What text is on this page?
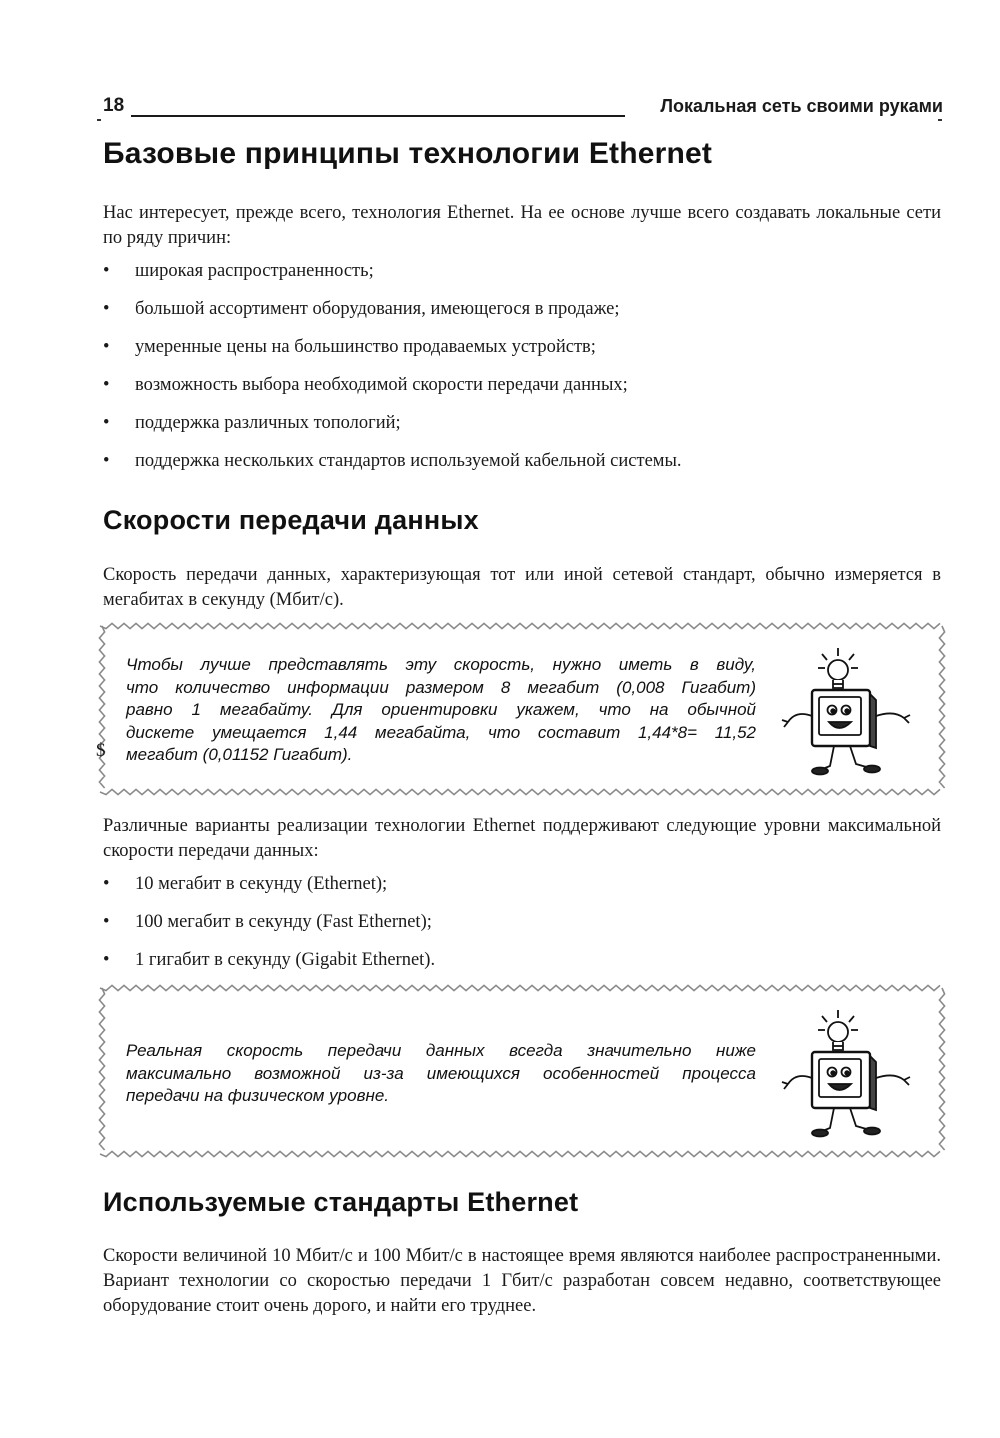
18	Локальная сеть своими руками
Базовые принципы технологии Ethernet

Нас интересует, прежде всего, технология Ethernet. На ее основе лучше всего создавать локальные сети по ряду причин:

• широкая распространенность;
• большой ассортимент оборудования, имеющегося в продаже;
• умеренные цены на большинство продаваемых устройств;
• возможность выбора необходимой скорости передачи данных;
• поддержка различных топологий;
• поддержка нескольких стандартов используемой кабельной системы.
Скорости передачи данных

Скорость передачи данных, характеризующая тот или иной сетевой стандарт, обычно измеряется в мегабитах в секунду (Мбит/с).

Чтобы лучше представлять эту скорость, нужно иметь в виду,
что количество информации размером 8 мегабит (0,008 Гигабит)
равно 1 мегабайту. Для ориентировки укажем, что на обычной
дискете умещается 1,44 мегабайта, что составит 1,44*8= 11,52
мегабит (0,01152 Гигабит).
$

Различные варианты реализации технологии Ethernet поддерживают следующие уровни максимальной скорости передачи данных:

• 10 мегабит в секунду (Ethernet);
• 100 мегабит в секунду (Fast Ethernet);
• 1 гигабит в секунду (Gigabit Ethernet).
Реальная скорость передачи данных всегда значительно ниже
максимально возможной из-за имеющихся особенностей процесса
передачи на физическом уровне.
Используемые стандарты Ethernet

Скорости величиной 10 Мбит/с и 100 Мбит/с в настоящее время являются наиболее распространенными. Вариант технологии со скоростью передачи 1 Гбит/с разработан совсем недавно, соответствующее оборудование стоит очень дорого, и найти его труднее.
